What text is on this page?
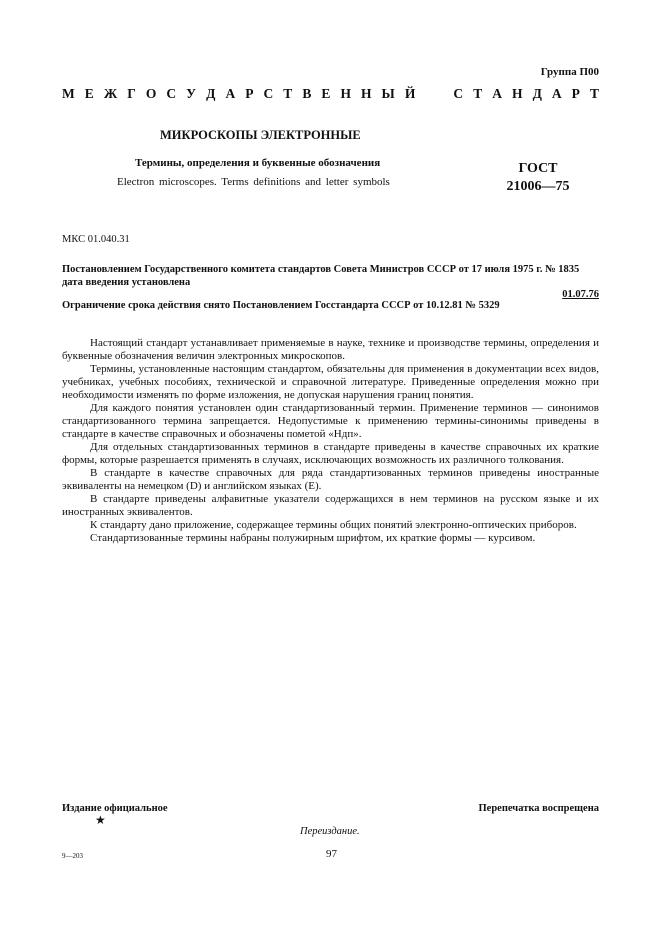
Группа П00
М Е Ж Г О С У Д А Р С Т В Е Н Н Ы Й
	С Т А Н Д А Р Т
МИКРОСКОПЫ ЭЛЕКТРОННЫЕ
Термины, определения и буквенные обозначения
Electron microscopes. Terms definitions and letter symbols
ГОСТ
21006—75
МКС 01.040.31
Постановлением Государственного комитета стандартов Совета Министров СССР от 17 июля 1975 г. № 1835
дата введения установлена
01.07.76
Ограничение срока действия снято Постановлением Госстандарта СССР от 10.12.81 № 5329

Настоящий стандарт устанавливает применяемые в науке, технике и производстве термины, определения и буквенные обозначения величин электронных микроскопов.

Термины, установленные настоящим стандартом, обязательны для применения в документации всех видов, учебниках, учебных пособиях, технической и справочной литературе. Приведенные определения можно при необходимости изменять по форме изложения, не допуская нарушения границ понятия.

Для каждого понятия установлен один стандартизованный термин. Применение терминов — синонимов стандартизованного термина запрещается. Недопустимые к применению термины-синонимы приведены в стандарте в качестве справочных и обозначены пометой «Ндп».

Для отдельных стандартизованных терминов в стандарте приведены в качестве справочных их краткие формы, которые разрешается применять в случаях, исключающих возможность их различного толкования.

В стандарте в качестве справочных для ряда стандартизованных терминов приведены иностранные эквиваленты на немецком (D) и английском языках (E).

В стандарте приведены алфавитные указатели содержащихся в нем терминов на русском языке и их иностранных эквивалентов.

К стандарту дано приложение, содержащее термины общих понятий электронно-оптических приборов.

Стандартизованные термины набраны полужирным шрифтом, их краткие формы — курсивом.

Издание официальное
★
Перепечатка воспрещена
Переиздание.
9—203	97
